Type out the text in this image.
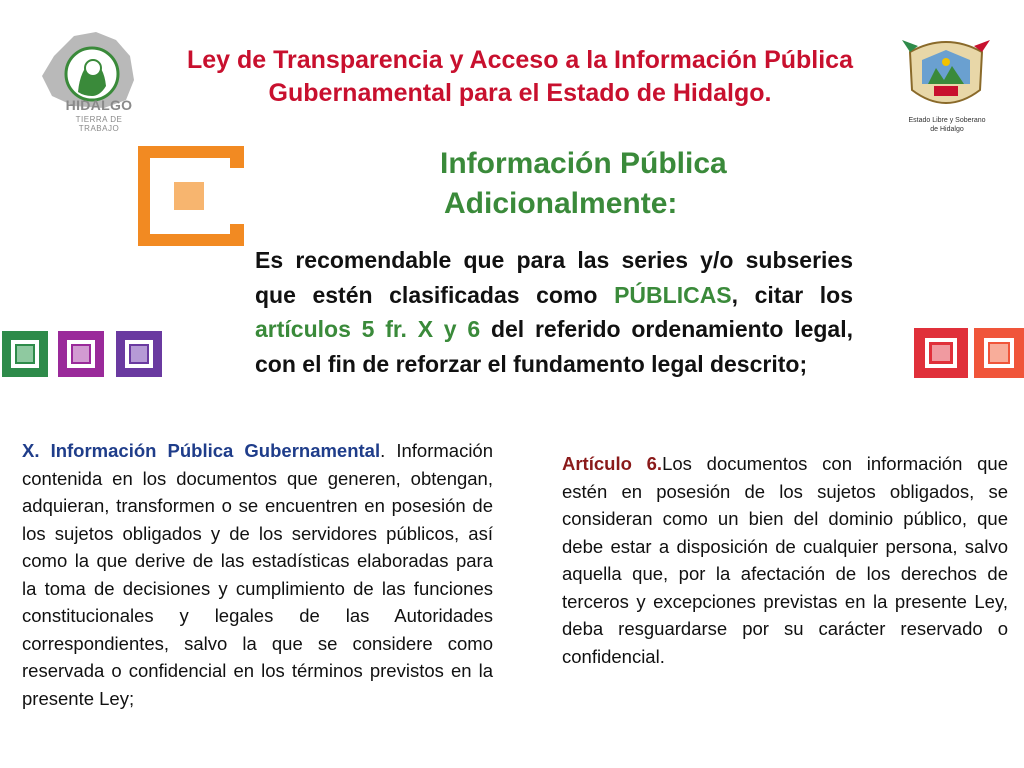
HIDALGO
TIERRA DE TRABAJO
Ley de Transparencia y Acceso a la Información Pública Gubernamental para el Estado de Hidalgo.
Estado Libre y Soberano
de Hidalgo
Información Pública
Adicionalmente:
Es recomendable que para las series y/o subseries que estén clasificadas como PÚBLICAS, citar los artículos 5 fr. X y 6 del referido ordenamiento legal, con el fin de reforzar el fundamento legal descrito;
X. Información Pública Gubernamental. Información contenida en los documentos que generen, obtengan, adquieran, transformen o se encuentren en posesión de los sujetos obligados y de los servidores públicos, así como la que derive de las estadísticas elaboradas para la toma de decisiones y cumplimiento de las funciones constitucionales y legales de las Autoridades correspondientes, salvo la que se considere como reservada o confidencial en los términos previstos en la presente Ley;
Artículo 6.Los documentos con información que estén en posesión de los sujetos obligados, se consideran como un bien del dominio público, que debe estar a disposición de cualquier persona, salvo aquella que, por la afectación de los derechos de terceros y excepciones previstas en la presente Ley, deba resguardarse por su carácter reservado o confidencial.
